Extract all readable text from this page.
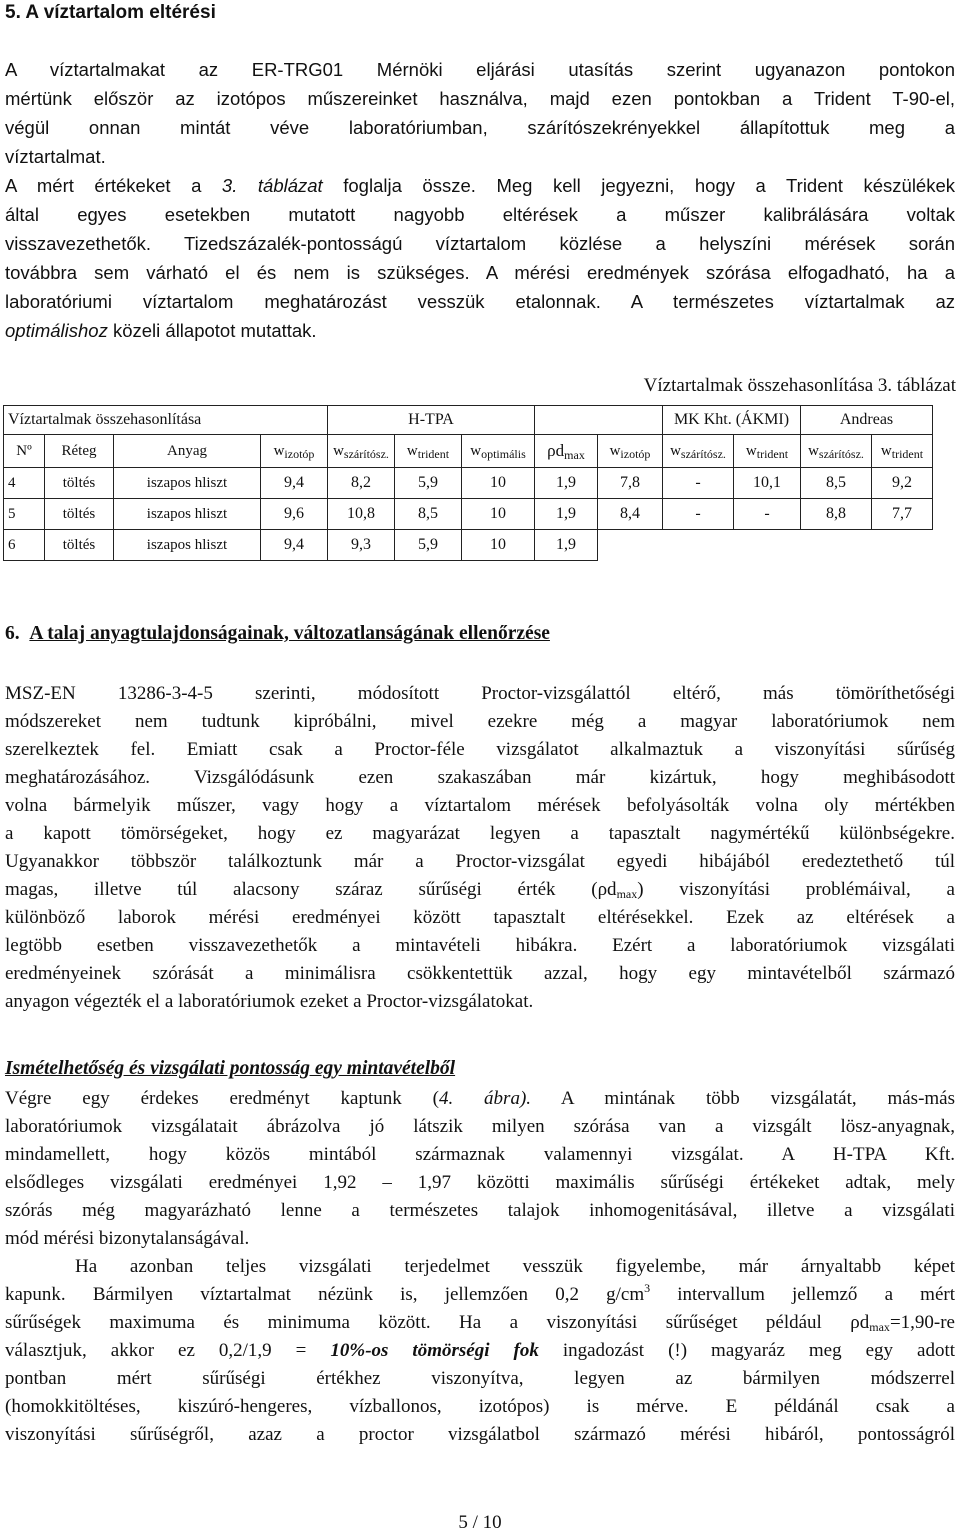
5. A víztartalom eltérési
A víztartalmakat az ER-TRG01 Mérnöki eljárási utasítás szerint ugyanazon pontokon
mértünk először az izotópos műszereinket használva, majd ezen pontokban a Trident T-90-el,
végül onnan mintát véve laboratóriumban, szárítószekrényekkel állapítottuk meg a
víztartalmat.
A mért értékeket a 3. táblázat foglalja össze. Meg kell jegyezni, hogy a Trident készülékek
által egyes esetekben mutatott nagyobb eltérések a műszer kalibrálására voltak
visszavezethetők. Tizedszázalék-pontosságú víztartalom közlése a helyszíni mérések során
továbbra sem várható el és nem is szükséges. A mérési eredmények szórása elfogadható, ha a
laboratóriumi víztartalom meghatározást vesszük etalonnak. A természetes víztartalmak az
optimálishoz közeli állapotot mutattak.
Víztartalmak összehasonlítása 3. táblázat
Víztartalmak összehasonlítása				H-TPA					MK Kht. (ÁKMI)		Andreas	
Nº	Réteg	Anyag	$w_{izotóp}$	$w_{szárítósz.}$	$w_{trident}$	$w_{optimális}$	$\rho d_{max}$	$w_{izotóp}$	$w_{szárítósz.}$	$w_{trident}$	$w_{szárítósz.}$	$w_{trident}$
4	töltés	iszapos hliszt	9,4	8,2	5,9	10	1,9	7,8	-	10,1	8,5	9,2
5	töltés	iszapos hliszt	9,6	10,8	8,5	10	1,9	8,4	-	-	8,8	7,7
6	töltés	iszapos hliszt	9,4	9,3	5,9	10	1,9					
6. A talaj anyagtulajdonságainak, változatlanságának ellenőrzése
MSZ-EN 13286-3-4-5 szerinti, módosított Proctor-vizsgálattól eltérő, más tömöríthetőségi
módszereket nem tudtunk kipróbálni, mivel ezekre még a magyar laboratóriumok nem
szerelkeztek fel. Emiatt csak a Proctor-féle vizsgálatot alkalmaztuk a viszonyítási sűrűség
meghatározásához. Vizsgálódásunk ezen szakaszában már kizártuk, hogy meghibásodott
volna bármelyik műszer, vagy hogy a víztartalom mérések befolyásolták volna oly mértékben
a kapott tömörségeket, hogy ez magyarázat legyen a tapasztalt nagymértékű különbségekre.
Ugyanakkor többször találkoztunk már a Proctor-vizsgálat egyedi hibájából eredeztethető túl
magas, illetve túl alacsony száraz sűrűségi érték $(\rho d_{max})$ viszonyítási problémáival, a
különböző laborok mérési eredményei között tapasztalt eltérésekkel. Ezek az eltérések a
legtöbb esetben visszavezethetők a mintavételi hibákra. Ezért a laboratóriumok vizsgálati
eredményeinek szórását a minimálisra csökkentettük azzal, hogy egy mintavételből származó
anyagon végezték el a laboratóriumok ezeket a Proctor-vizsgálatokat.
Ismételhetőség és vizsgálati pontosság egy mintavételből
Végre egy érdekes eredményt kaptunk (4. ábra). A mintának több vizsgálatát, más-más
laboratóriumok vizsgálatait ábrázolva jó látszik milyen szórása van a vizsgált lösz-anyagnak,
mindamellett, hogy közös mintából származnak valamennyi vizsgálat. A H-TPA Kft.
elsődleges vizsgálati eredményei 1,92 – 1,97 közötti maximális sűrűségi értékeket adtak, mely
szórás még magyarázható lenne a természetes talajok inhomogenitásával, illetve a vizsgálati
mód mérési bizonytalanságával.
Ha azonban teljes vizsgálati terjedelmet vesszük figyelembe, már árnyaltabb képet
kapunk. Bármilyen víztartalmat nézünk is, jellemzően 0,2 $g/cm^3$ intervallum jellemző a mért
sűrűségek maximuma és minimuma között. Ha a viszonyítási sűrűséget például $\rho d_{max}=1,90-re$
választjuk, akkor ez 0,2/1,9 = 10%-os tömörségi fok ingadozást (!) magyaráz meg egy adott
pontban mért sűrűségi értékhez viszonyítva, legyen az bármilyen módszerrel
(homokkitöltéses, kiszúró-hengeres, vízballonos, izotópos) is mérve. E példánál csak a
viszonyítási sűrűségről, azaz a proctor vizsgálatbol származó mérési hibáról, pontosságról
5 / 10
